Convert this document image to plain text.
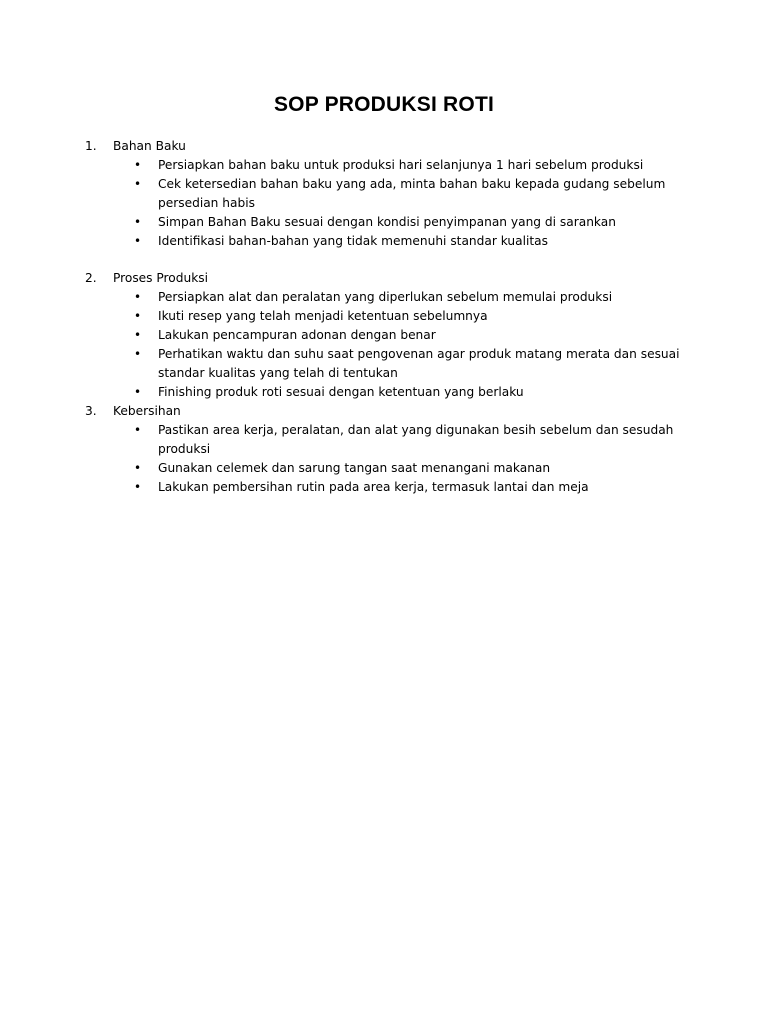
SOP PRODUKSI ROTI
1. Bahan Baku
• Persiapkan bahan baku untuk produksi hari selanjunya 1 hari sebelum produksi
• Cek ketersedian bahan baku yang ada, minta bahan baku kepada gudang sebelum persedian habis
• Simpan Bahan Baku sesuai dengan kondisi penyimpanan yang di sarankan
• Identifikasi bahan-bahan yang tidak memenuhi standar kualitas
2. Proses Produksi
• Persiapkan alat dan peralatan yang diperlukan sebelum memulai produksi
• Ikuti resep yang telah menjadi ketentuan sebelumnya
• Lakukan pencampuran adonan dengan benar
• Perhatikan waktu dan suhu saat pengovenan agar produk matang merata dan sesuai standar kualitas yang telah di tentukan
• Finishing produk roti sesuai dengan ketentuan yang berlaku
3. Kebersihan
• Pastikan area kerja, peralatan, dan alat yang digunakan besih sebelum dan sesudah produksi
• Gunakan celemek dan sarung tangan saat menangani makanan
• Lakukan pembersihan rutin pada area kerja, termasuk lantai dan meja
